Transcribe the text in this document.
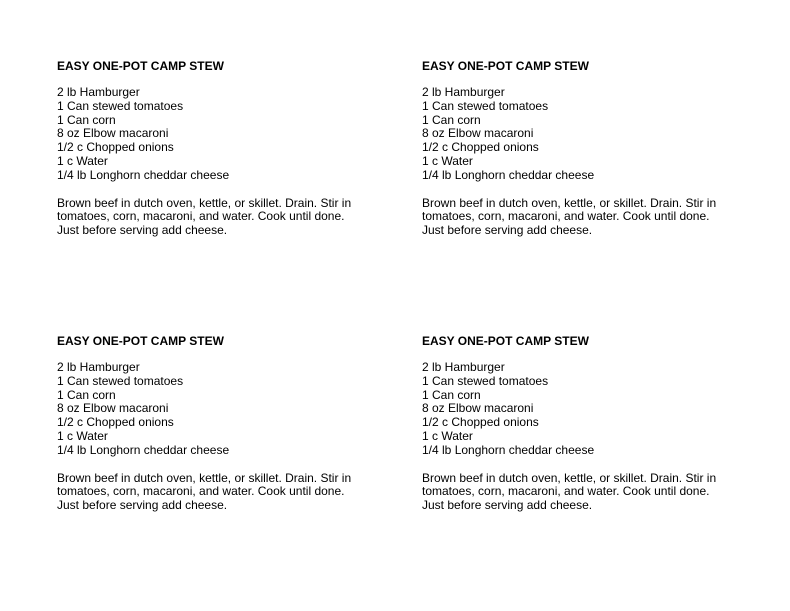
EASY ONE-POT CAMP STEW
2 lb Hamburger
1 Can stewed tomatoes
1 Can corn
8 oz Elbow macaroni
1/2 c Chopped onions
1 c Water
1/4 lb Longhorn cheddar cheese
Brown beef in dutch oven, kettle, or skillet. Drain. Stir in
tomatoes, corn, macaroni, and water. Cook until done.
Just before serving add cheese.
EASY ONE-POT CAMP STEW
2 lb Hamburger
1 Can stewed tomatoes
1 Can corn
8 oz Elbow macaroni
1/2 c Chopped onions
1 c Water
1/4 lb Longhorn cheddar cheese
Brown beef in dutch oven, kettle, or skillet. Drain. Stir in
tomatoes, corn, macaroni, and water. Cook until done.
Just before serving add cheese.
EASY ONE-POT CAMP STEW
2 lb Hamburger
1 Can stewed tomatoes
1 Can corn
8 oz Elbow macaroni
1/2 c Chopped onions
1 c Water
1/4 lb Longhorn cheddar cheese
Brown beef in dutch oven, kettle, or skillet. Drain. Stir in
tomatoes, corn, macaroni, and water. Cook until done.
Just before serving add cheese.
EASY ONE-POT CAMP STEW
2 lb Hamburger
1 Can stewed tomatoes
1 Can corn
8 oz Elbow macaroni
1/2 c Chopped onions
1 c Water
1/4 lb Longhorn cheddar cheese
Brown beef in dutch oven, kettle, or skillet. Drain. Stir in
tomatoes, corn, macaroni, and water. Cook until done.
Just before serving add cheese.
